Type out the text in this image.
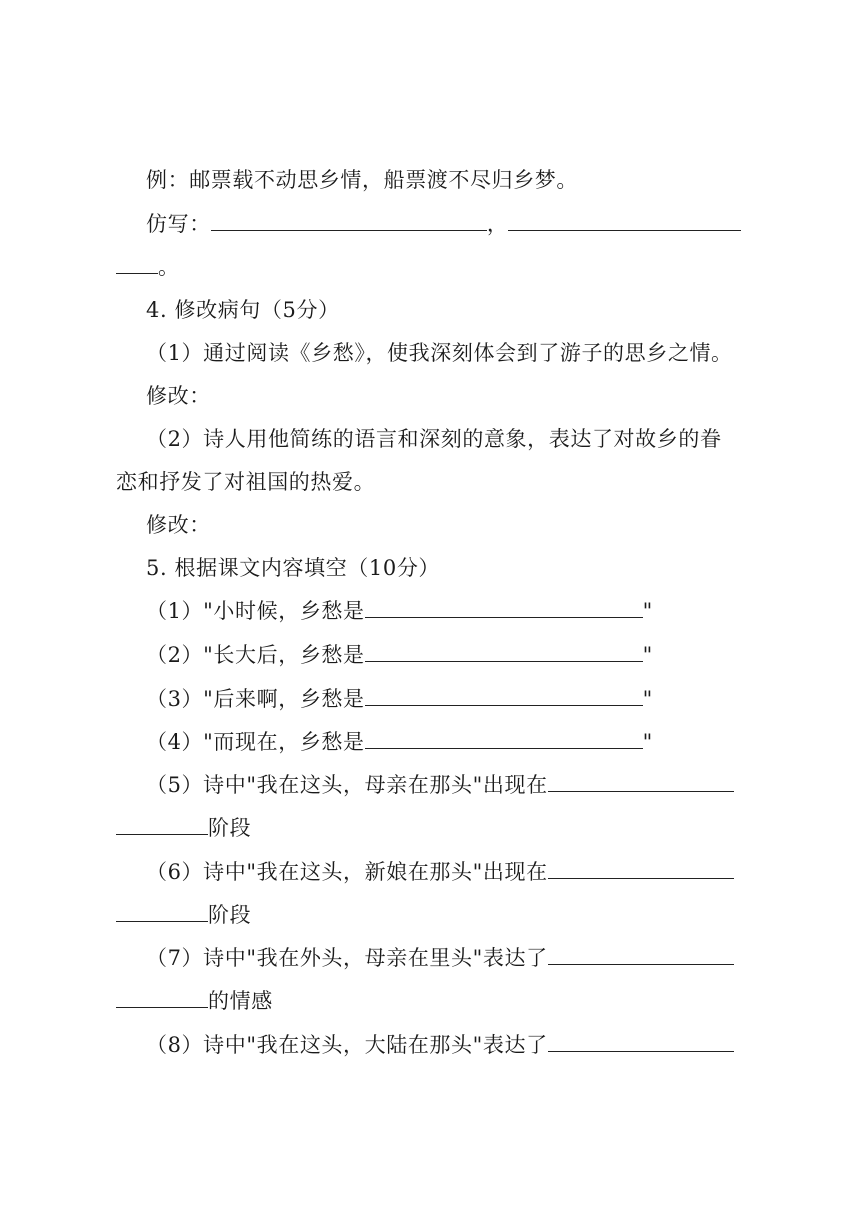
例：邮票载不动思乡情，船票渡不尽归乡梦。
仿写：	，
。
4. 修改病句（5分）
（1）通过阅读《乡愁》，使我深刻体会到了游子的思乡之情。
修改：
（2）诗人用他简练的语言和深刻的意象，表达了对故乡的眷
恋和抒发了对祖国的热爱。
修改：
5. 根据课文内容填空（10分）
（1）"小时候，乡愁是	"
（2）"长大后，乡愁是	"
（3）"后来啊，乡愁是	"
（4）"而现在，乡愁是	"
（5）诗中"我在这头，母亲在那头"出现在
阶段
（6）诗中"我在这头，新娘在那头"出现在
阶段
（7）诗中"我在外头，母亲在里头"表达了
的情感
（8）诗中"我在这头，大陆在那头"表达了
